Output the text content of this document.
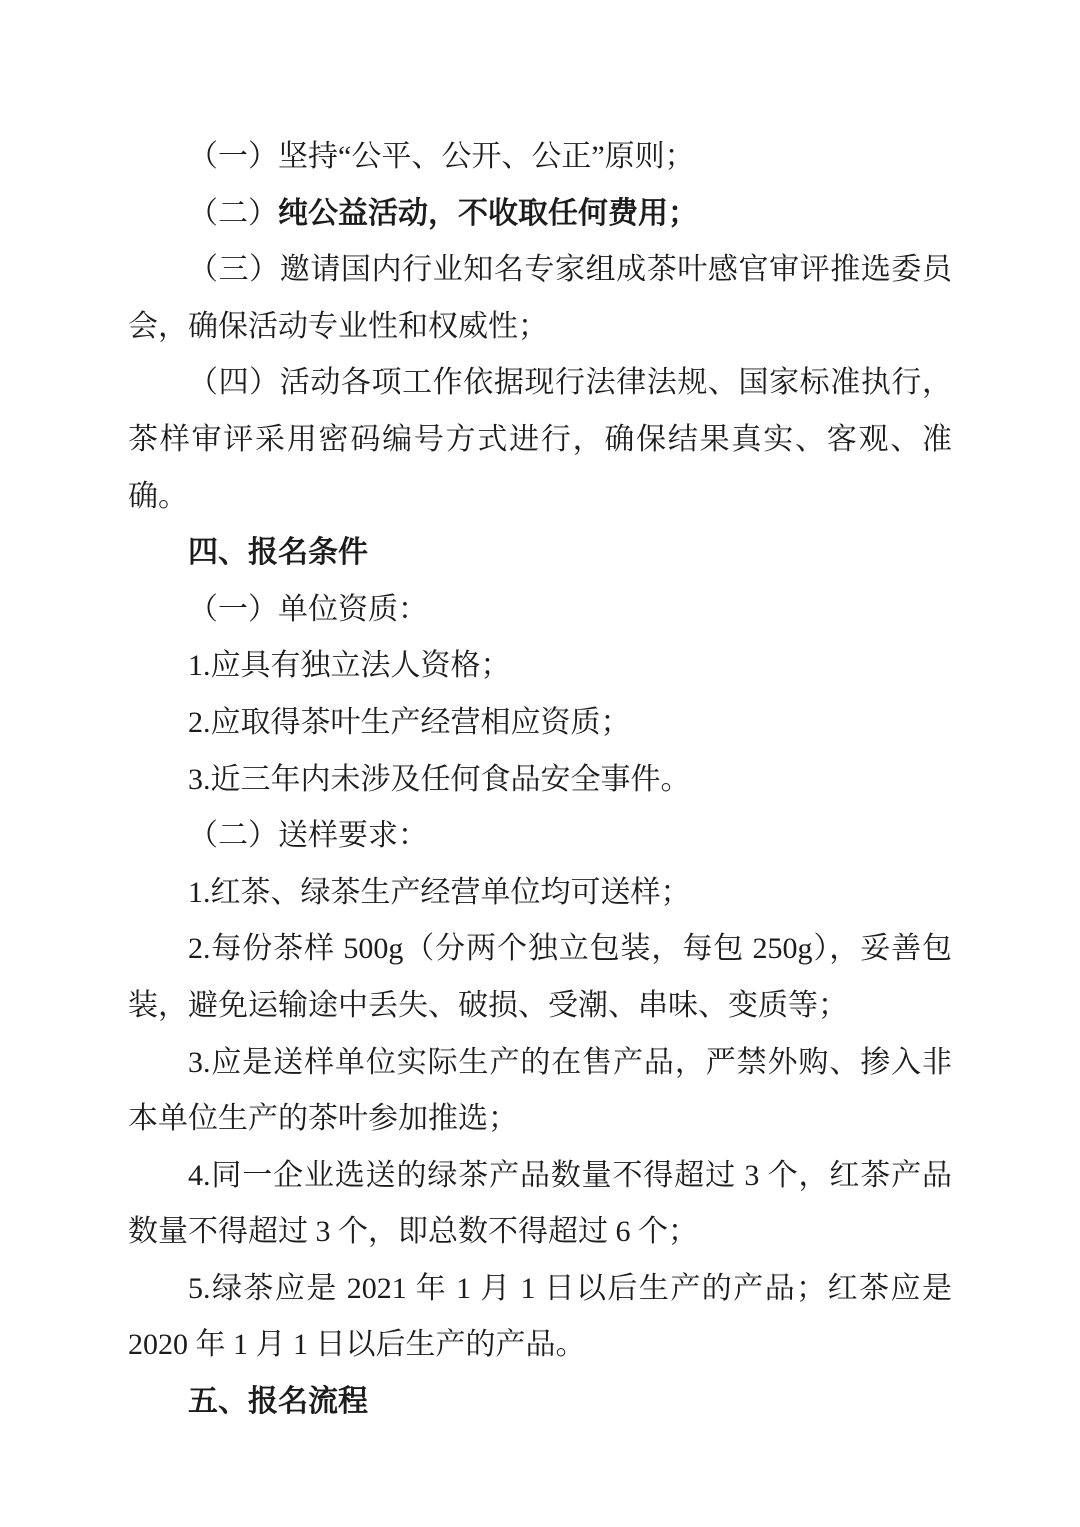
（一）坚持“公平、公开、公正”原则；

（二）纯公益活动，不收取任何费用；

（三）邀请国内行业知名专家组成茶叶感官审评推选委员会，确保活动专业性和权威性；

（四）活动各项工作依据现行法律法规、国家标准执行，茶样审评采用密码编号方式进行，确保结果真实、客观、准确。

四、报名条件

（一）单位资质：

1.应具有独立法人资格；

2.应取得茶叶生产经营相应资质；

3.近三年内未涉及任何食品安全事件。

（二）送样要求：

1.红茶、绿茶生产经营单位均可送样；

2.每份茶样 500g（分两个独立包装，每包 250g），妥善包装，避免运输途中丢失、破损、受潮、串味、变质等；

3.应是送样单位实际生产的在售产品，严禁外购、掺入非本单位生产的茶叶参加推选；

4.同一企业选送的绿茶产品数量不得超过 3 个，红茶产品数量不得超过 3 个，即总数不得超过 6 个；

5.绿茶应是 2021 年 1 月 1 日以后生产的产品；红茶应是 2020 年 1 月 1 日以后生产的产品。

五、报名流程
